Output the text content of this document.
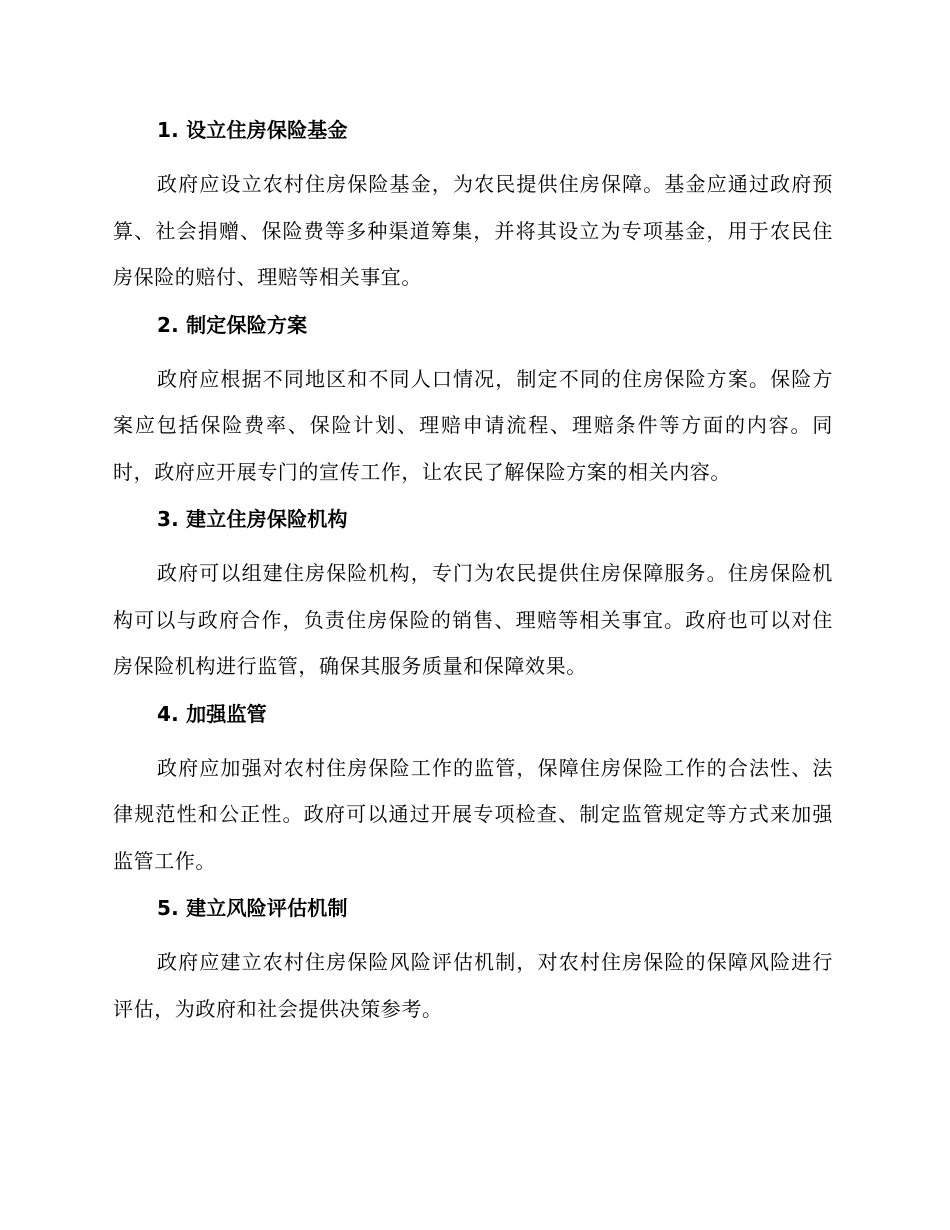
1. 设立住房保险基金

政府应设立农村住房保险基金，为农民提供住房保障。基金应通过政府预算、社会捐赠、保险费等多种渠道筹集，并将其设立为专项基金，用于农民住房保险的赔付、理赔等相关事宜。

2. 制定保险方案

政府应根据不同地区和不同人口情况，制定不同的住房保险方案。保险方案应包括保险费率、保险计划、理赔申请流程、理赔条件等方面的内容。同时，政府应开展专门的宣传工作，让农民了解保险方案的相关内容。

3. 建立住房保险机构

政府可以组建住房保险机构，专门为农民提供住房保障服务。住房保险机构可以与政府合作，负责住房保险的销售、理赔等相关事宜。政府也可以对住房保险机构进行监管，确保其服务质量和保障效果。

4. 加强监管

政府应加强对农村住房保险工作的监管，保障住房保险工作的合法性、法律规范性和公正性。政府可以通过开展专项检查、制定监管规定等方式来加强监管工作。

5. 建立风险评估机制

政府应建立农村住房保险风险评估机制，对农村住房保险的保障风险进行评估，为政府和社会提供决策参考。
